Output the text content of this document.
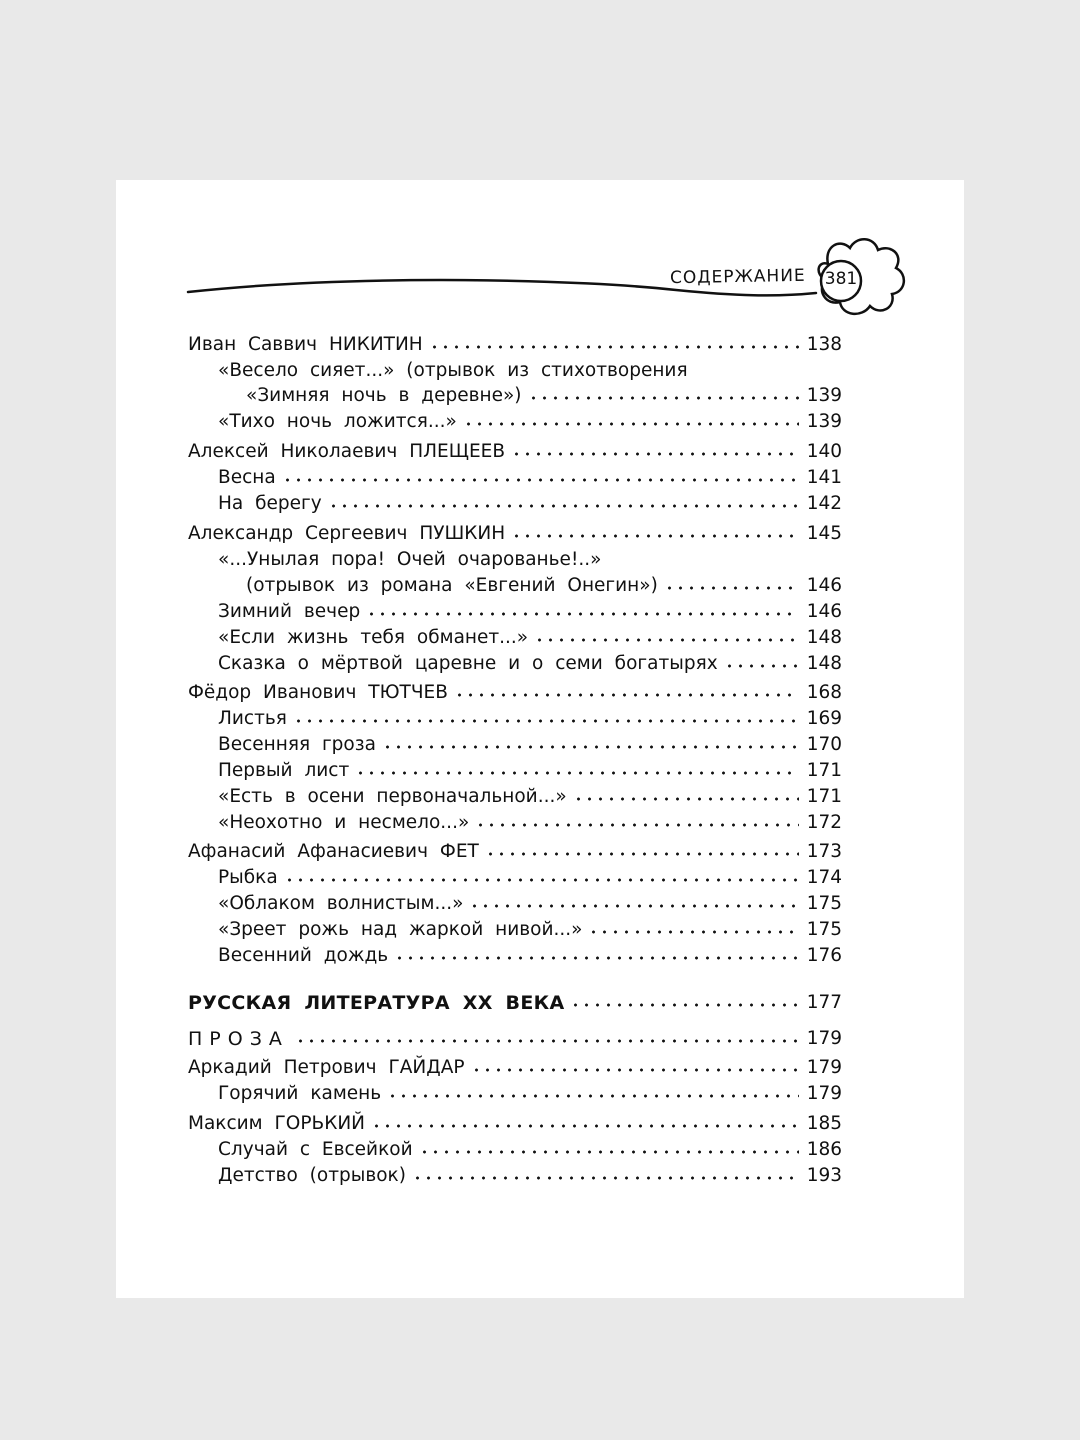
СОДЕРЖАНИЕ	381
Иван Саввич НИКИТИН	138
«Весело сияет...» (отрывок из стихотворения
«Зимняя ночь в деревне»)	139
«Тихо ночь ложится...»	139
Алексей Николаевич ПЛЕЩЕЕВ	140
Весна	141
На берегу	142
Александр Сергеевич ПУШКИН	145
«...Унылая пора! Очей очарованье!..»
(отрывок из романа «Евгений Онегин»)	146
Зимний вечер	146
«Если жизнь тебя обманет...»	148
Сказка о мёртвой царевне и о семи богатырях	148
Фёдор Иванович ТЮТЧЕВ	168
Листья	169
Весенняя гроза	170
Первый лист	171
«Есть в осени первоначальной...»	171
«Неохотно и несмело...»	172
Афанасий Афанасиевич ФЕТ	173
Рыбка	174
«Облаком волнистым...»	175
«Зреет рожь над жаркой нивой...»	175
Весенний дождь	176
РУССКАЯ ЛИТЕРАТУРА XX ВЕКА	177
ПРОЗА	179
Аркадий Петрович ГАЙДАР	179
Горячий камень	179
Максим ГОРЬКИЙ	185
Случай с Евсейкой	186
Детство (отрывок)	193
